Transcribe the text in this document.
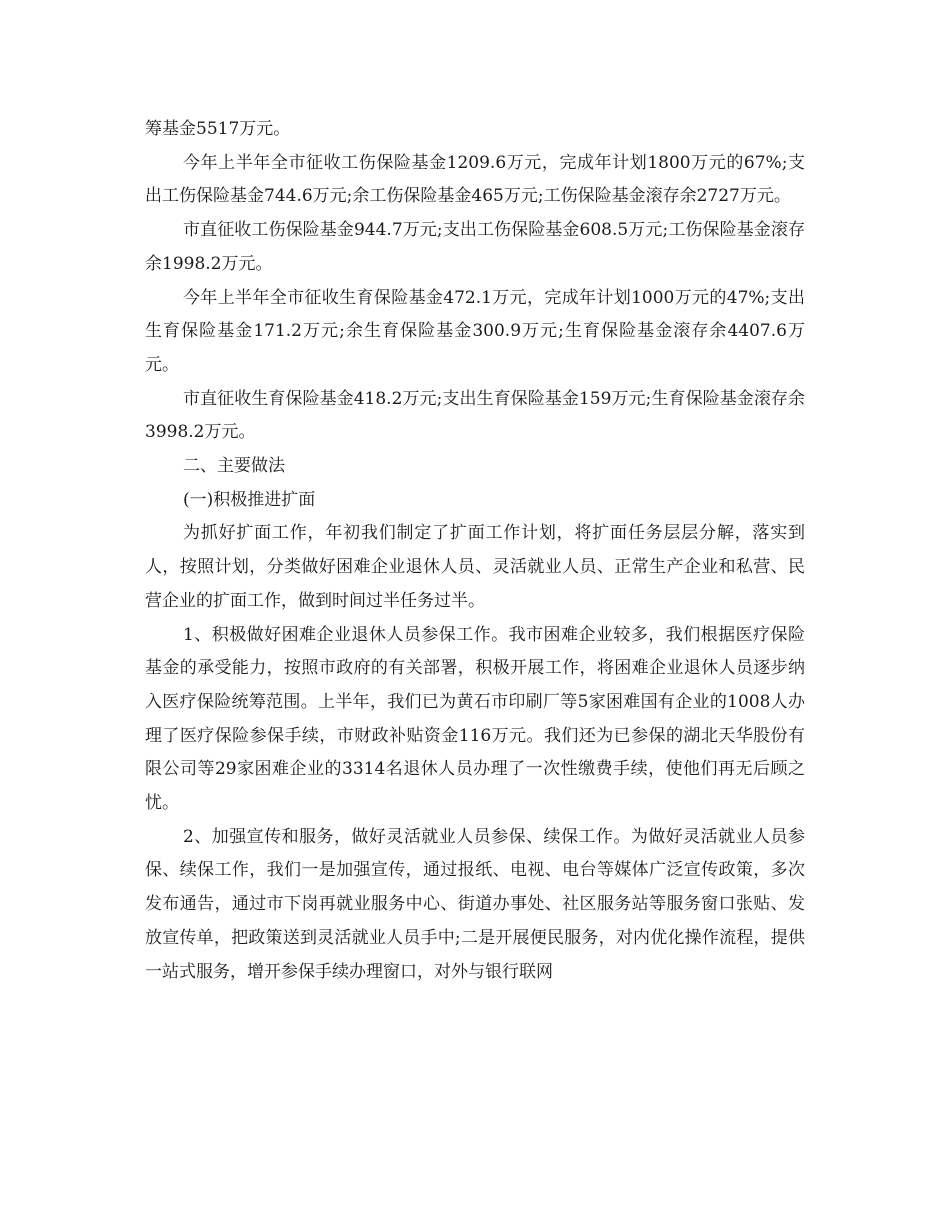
筹基金5517万元。

今年上半年全市征收工伤保险基金1209.6万元，完成年计划1800万元的67%;支出工伤保险基金744.6万元;余工伤保险基金465万元;工伤保险基金滚存余2727万元。

市直征收工伤保险基金944.7万元;支出工伤保险基金608.5万元;工伤保险基金滚存余1998.2万元。

今年上半年全市征收生育保险基金472.1万元，完成年计划1000万元的47%;支出生育保险基金171.2万元;余生育保险基金300.9万元;生育保险基金滚存余4407.6万元。

市直征收生育保险基金418.2万元;支出生育保险基金159万元;生育保险基金滚存余3998.2万元。

二、主要做法

(一)积极推进扩面

为抓好扩面工作，年初我们制定了扩面工作计划，将扩面任务层层分解，落实到人，按照计划，分类做好困难企业退休人员、灵活就业人员、正常生产企业和私营、民营企业的扩面工作，做到时间过半任务过半。

1、积极做好困难企业退休人员参保工作。我市困难企业较多，我们根据医疗保险基金的承受能力，按照市政府的有关部署，积极开展工作，将困难企业退休人员逐步纳入医疗保险统筹范围。上半年，我们已为黄石市印刷厂等5家困难国有企业的1008人办理了医疗保险参保手续，市财政补贴资金116万元。我们还为已参保的湖北天华股份有限公司等29家困难企业的3314名退休人员办理了一次性缴费手续，使他们再无后顾之忧。

2、加强宣传和服务，做好灵活就业人员参保、续保工作。为做好灵活就业人员参保、续保工作，我们一是加强宣传，通过报纸、电视、电台等媒体广泛宣传政策，多次发布通告，通过市下岗再就业服务中心、街道办事处、社区服务站等服务窗口张贴、发放宣传单，把政策送到灵活就业人员手中;二是开展便民服务，对内优化操作流程，提供一站式服务，增开参保手续办理窗口，对外与银行联网
